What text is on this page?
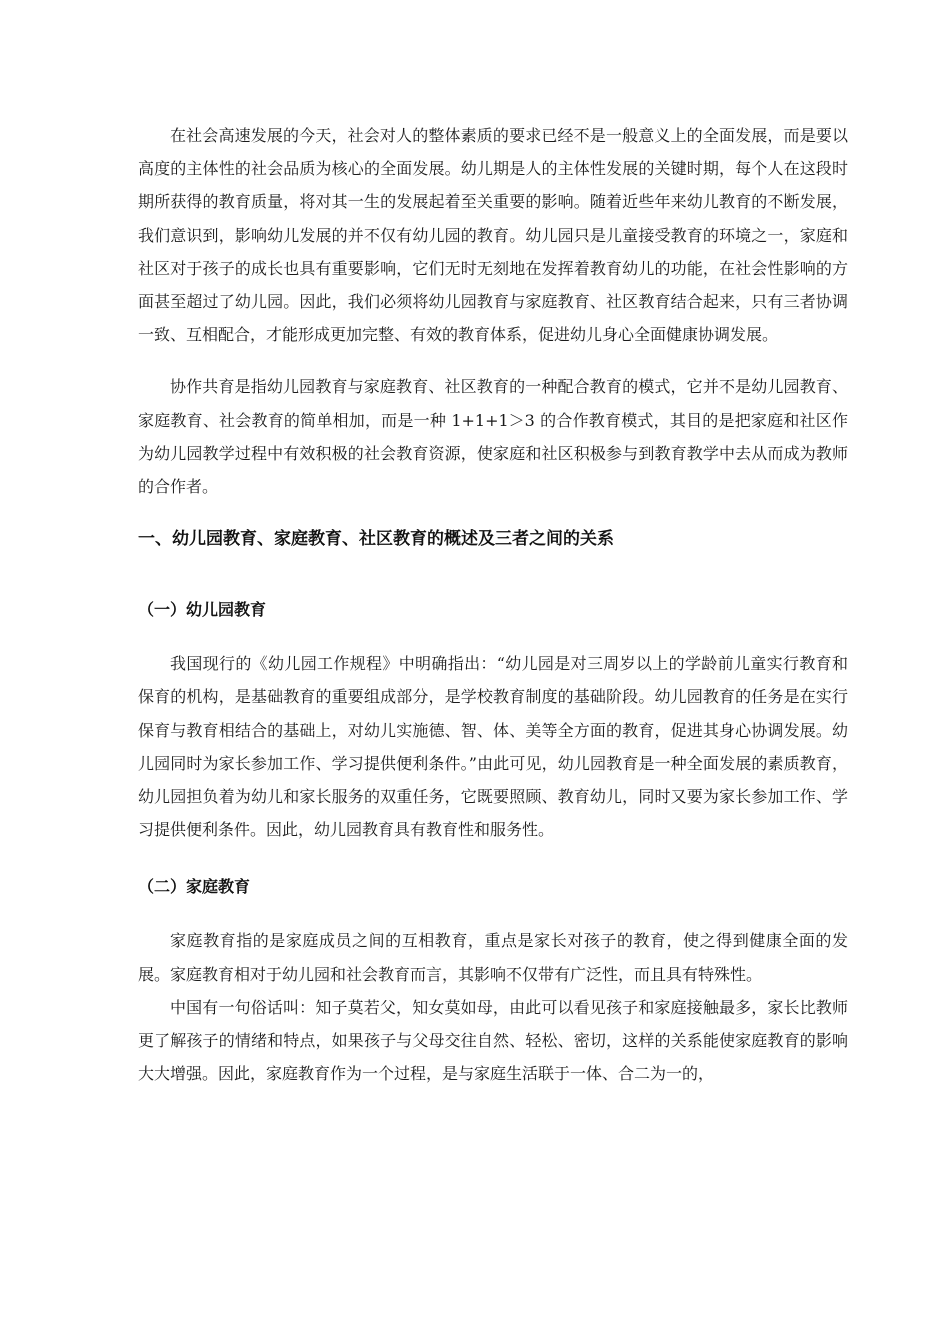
在社会高速发展的今天，社会对人的整体素质的要求已经不是一般意义上的全面发展，而是要以高度的主体性的社会品质为核心的全面发展。幼儿期是人的主体性发展的关键时期，每个人在这段时期所获得的教育质量，将对其一生的发展起着至关重要的影响。随着近些年来幼儿教育的不断发展，我们意识到，影响幼儿发展的并不仅有幼儿园的教育。幼儿园只是儿童接受教育的环境之一，家庭和社区对于孩子的成长也具有重要影响，它们无时无刻地在发挥着教育幼儿的功能，在社会性影响的方面甚至超过了幼儿园。因此，我们必须将幼儿园教育与家庭教育、社区教育结合起来，只有三者协调一致、互相配合，才能形成更加完整、有效的教育体系，促进幼儿身心全面健康协调发展。

协作共育是指幼儿园教育与家庭教育、社区教育的一种配合教育的模式，它并不是幼儿园教育、家庭教育、社会教育的简单相加，而是一种 1+1+1＞3 的合作教育模式，其目的是把家庭和社区作为幼儿园教学过程中有效积极的社会教育资源，使家庭和社区积极参与到教育教学中去从而成为教师的合作者。

一、幼儿园教育、家庭教育、社区教育的概述及三者之间的关系
（一）幼儿园教育

我国现行的《幼儿园工作规程》中明确指出：“幼儿园是对三周岁以上的学龄前儿童实行教育和保育的机构，是基础教育的重要组成部分，是学校教育制度的基础阶段。幼儿园教育的任务是在实行保育与教育相结合的基础上，对幼儿实施德、智、体、美等全方面的教育，促进其身心协调发展。幼儿园同时为家长参加工作、学习提供便利条件。”由此可见，幼儿园教育是一种全面发展的素质教育，幼儿园担负着为幼儿和家长服务的双重任务，它既要照顾、教育幼儿，同时又要为家长参加工作、学习提供便利条件。因此，幼儿园教育具有教育性和服务性。

（二）家庭教育

家庭教育指的是家庭成员之间的互相教育，重点是家长对孩子的教育，使之得到健康全面的发展。家庭教育相对于幼儿园和社会教育而言，其影响不仅带有广泛性，而且具有特殊性。

中国有一句俗话叫：知子莫若父，知女莫如母，由此可以看见孩子和家庭接触最多，家长比教师更了解孩子的情绪和特点，如果孩子与父母交往自然、轻松、密切，这样的关系能使家庭教育的影响大大增强。因此，家庭教育作为一个过程，是与家庭生活联于一体、合二为一的，
